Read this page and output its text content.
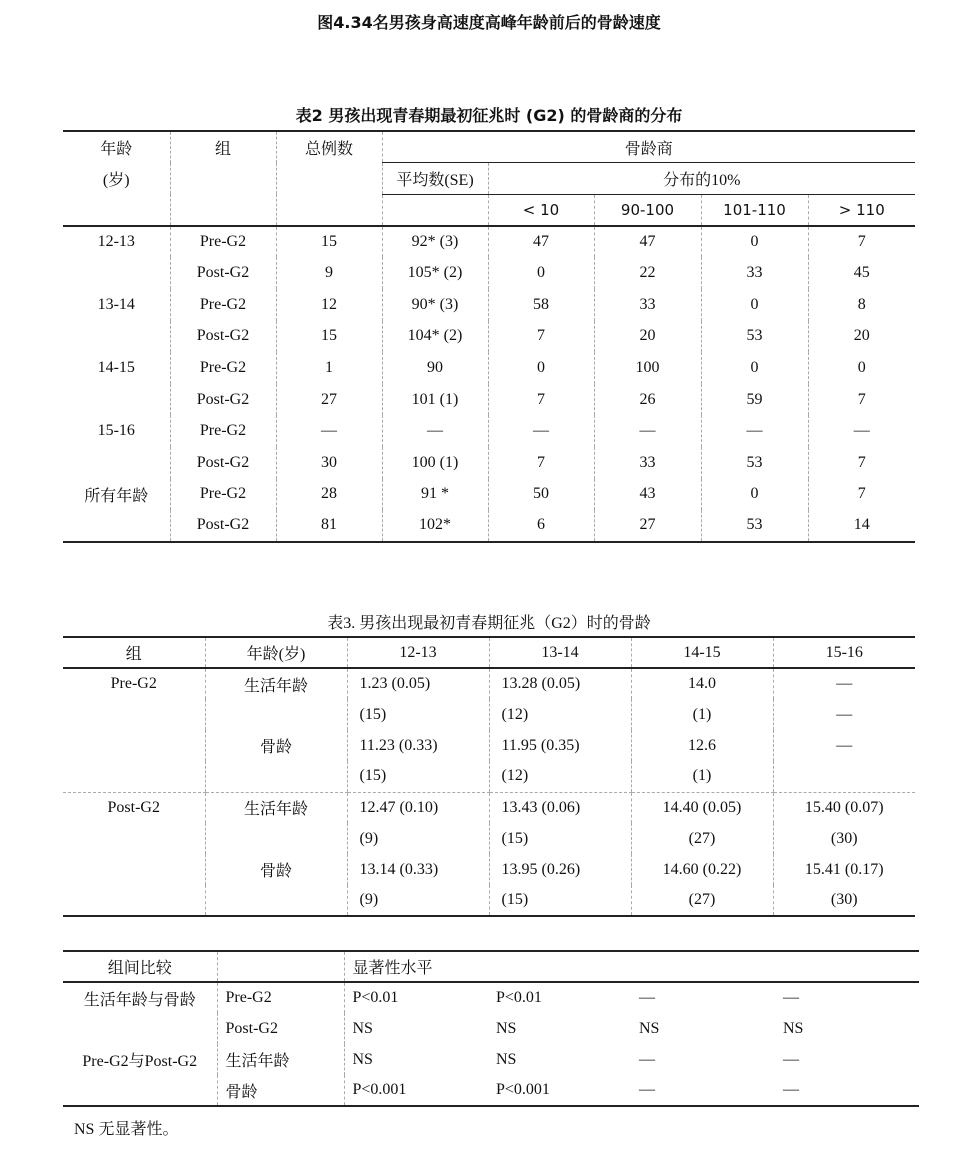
图4.34名男孩身高速度高峰年龄前后的骨龄速度
表2 男孩出现青春期最初征兆时 (G2) 的骨龄商的分布
年龄	组	总例数	骨龄商				
(岁)			平均数(SE)	分布的10%			
				< 10	90-100	101-110	> 110
12-13	Pre-G2	15	92* (3)	47	47	0	7
	Post-G2	9	105* (2)	0	22	33	45
13-14	Pre-G2	12	90* (3)	58	33	0	8
	Post-G2	15	104* (2)	7	20	53	20
14-15	Pre-G2	1	90	0	100	0	0
	Post-G2	27	101 (1)	7	26	59	7
15-16	Pre-G2	—	—	—	—	—	—
	Post-G2	30	100 (1)	7	33	53	7
所有年龄	Pre-G2	28	91 *	50	43	0	7
	Post-G2	81	102*	6	27	53	14
表3. 男孩出现最初青春期征兆（G2）时的骨龄
组	年龄(岁)	12-13	13-14	14-15	15-16
Pre-G2	生活年龄	1.23 (0.05)	13.28 (0.05)	14.0	—
		(15)	(12)	(1)	—
	骨龄	11.23 (0.33)	11.95 (0.35)	12.6	—
		(15)	(12)	(1)	
Post-G2	生活年龄	12.47 (0.10)	13.43 (0.06)	14.40 (0.05)	15.40 (0.07)
		(9)	(15)	(27)	(30)
	骨龄	13.14 (0.33)	13.95 (0.26)	14.60 (0.22)	15.41 (0.17)
		(9)	(15)	(27)	(30)
组间比较		显著性水平			
生活年龄与骨龄	Pre-G2	P<0.01	P<0.01	—	—
	Post-G2	NS	NS	NS	NS
Pre-G2与Post-G2	生活年龄	NS	NS	—	—
	骨龄	P<0.001	P<0.001	—	—
NS 无显著性。
